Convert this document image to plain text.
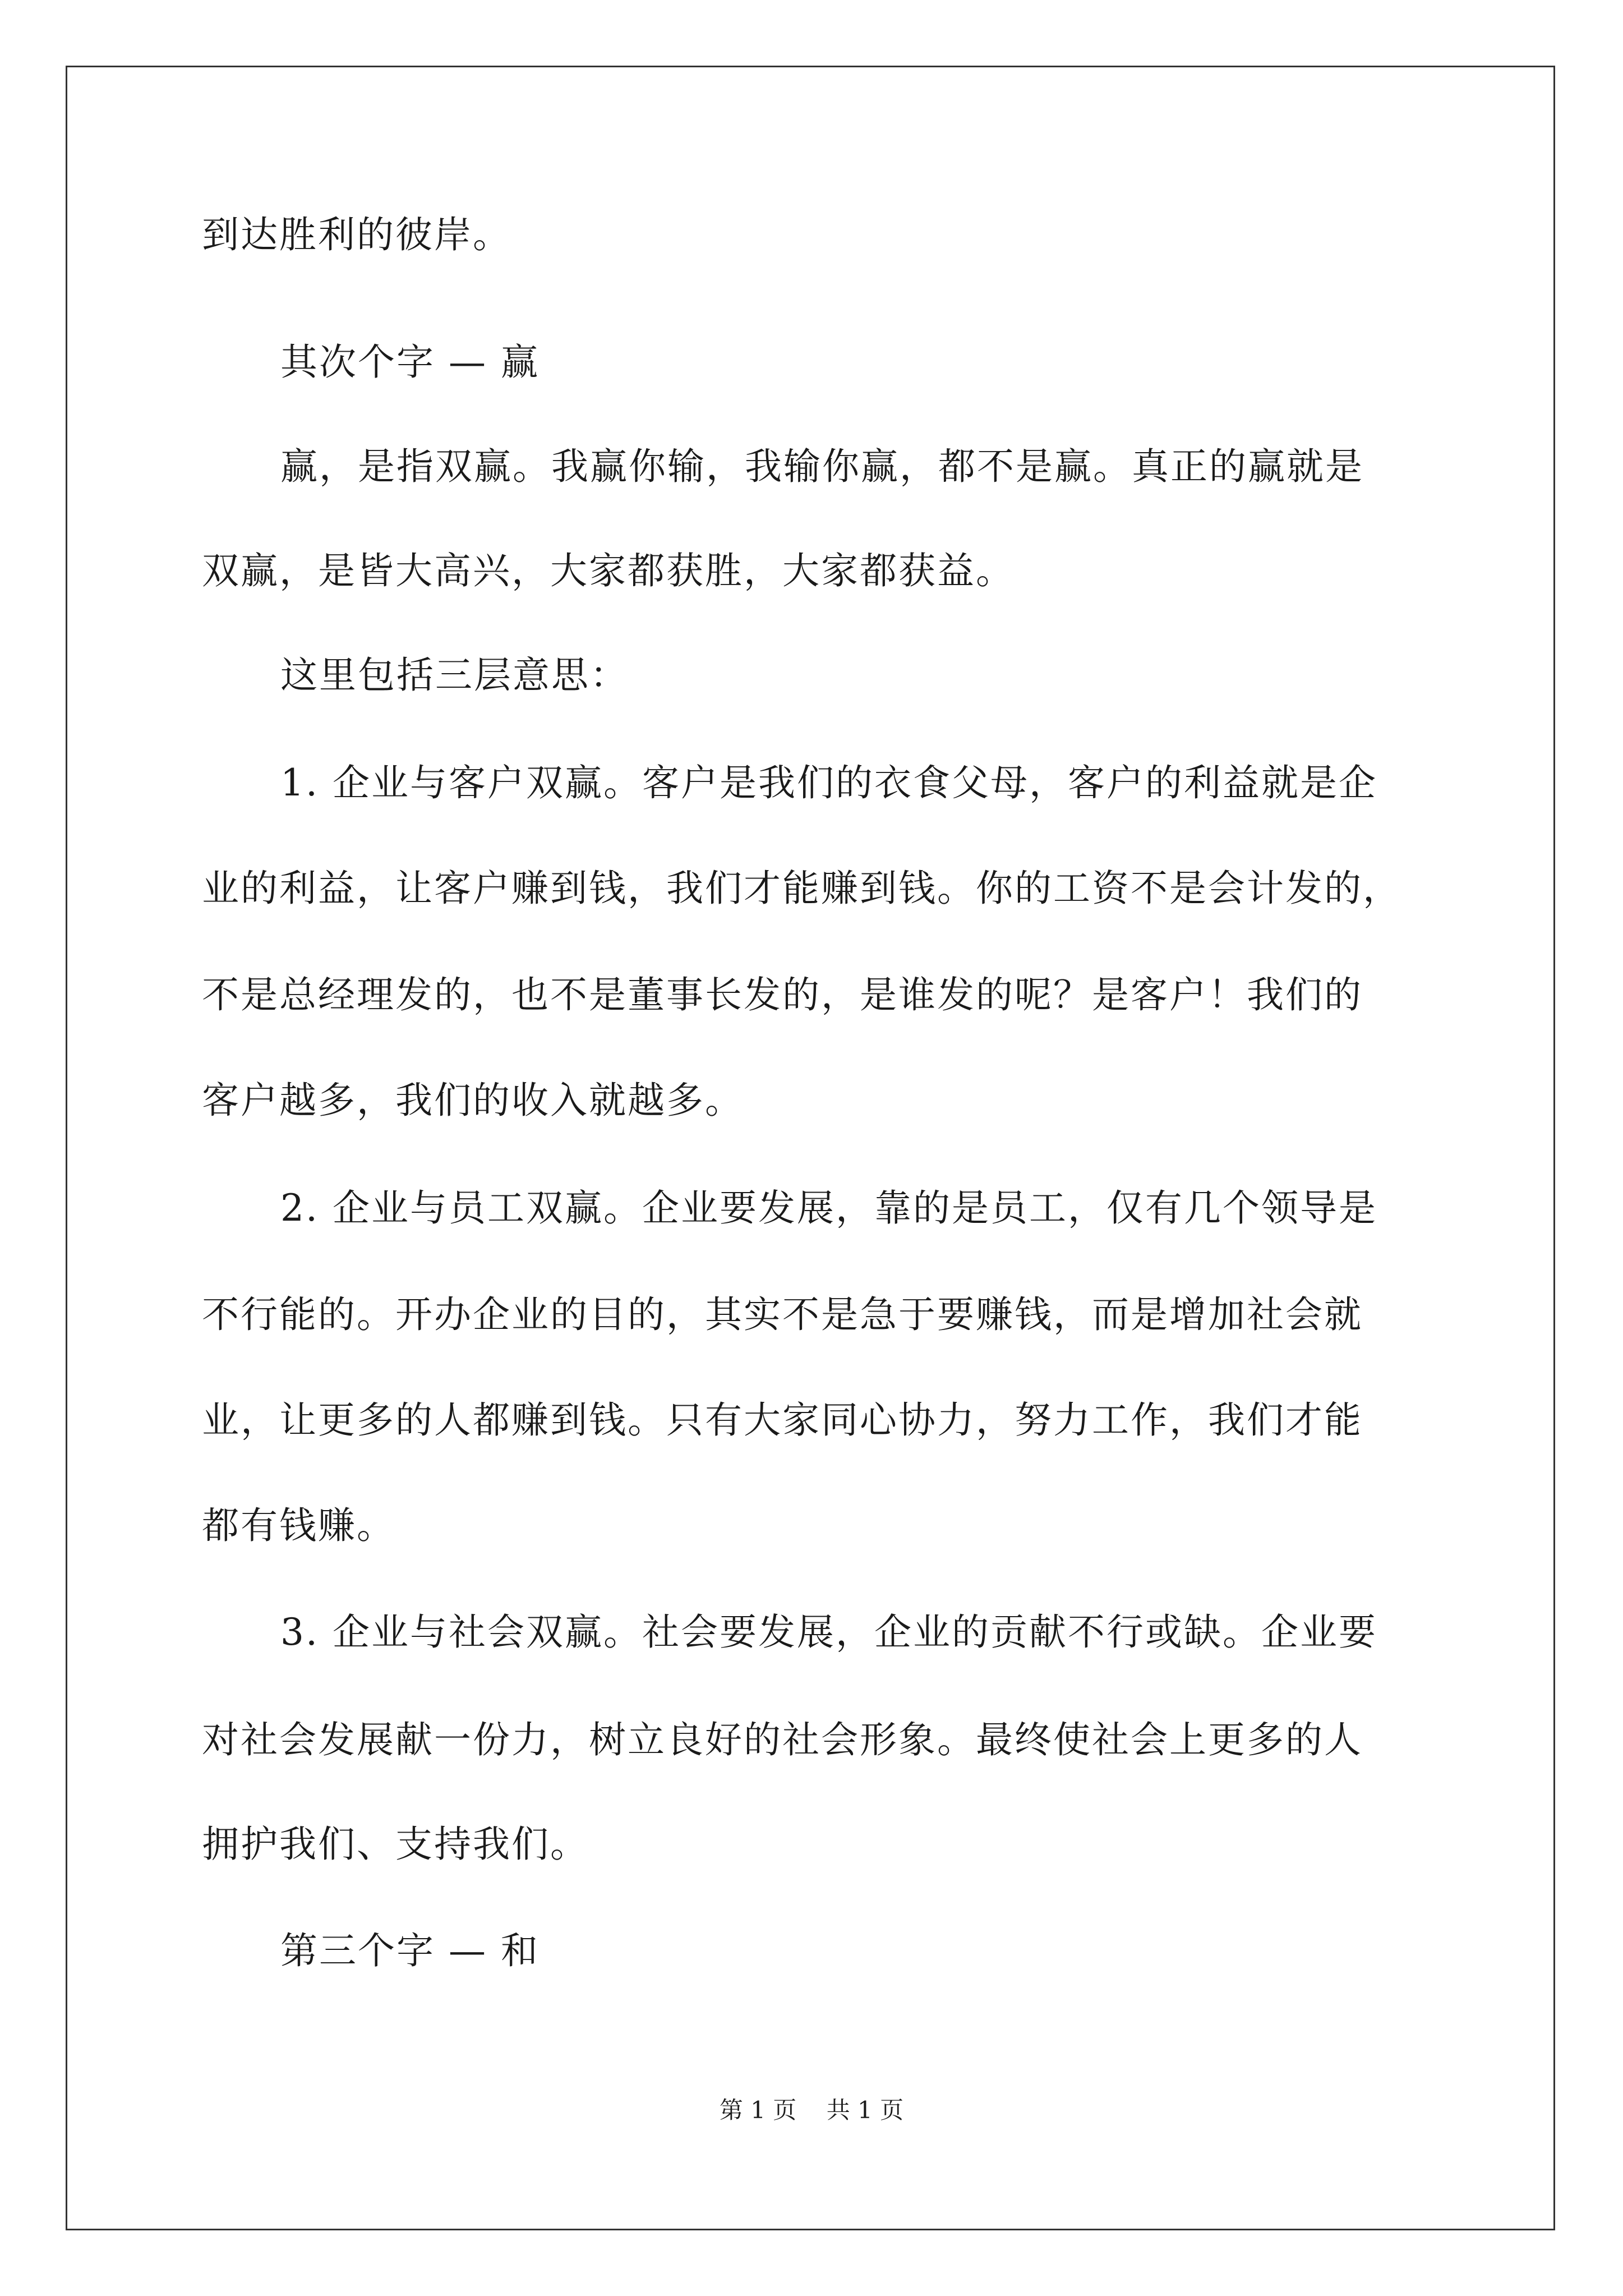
到达胜利的彼岸。
其次个字 — 赢
赢，是指双赢。我赢你输，我输你赢，都不是赢。真正的赢就是
双赢，是皆大高兴，大家都获胜，大家都获益。
这里包括三层意思：
1. 企业与客户双赢。客户是我们的衣食父母，客户的利益就是企
业的利益，让客户赚到钱，我们才能赚到钱。你的工资不是会计发的，
不是总经理发的，也不是董事长发的，是谁发的呢？是客户！我们的
客户越多，我们的收入就越多。
2. 企业与员工双赢。企业要发展，靠的是员工，仅有几个领导是
不行能的。开办企业的目的，其实不是急于要赚钱，而是增加社会就
业，让更多的人都赚到钱。只有大家同心协力，努力工作，我们才能
都有钱赚。
3. 企业与社会双赢。社会要发展，企业的贡献不行或缺。企业要
对社会发展献一份力，树立良好的社会形象。最终使社会上更多的人
拥护我们、支持我们。
第三个字 — 和
第 1 页    共 1 页
